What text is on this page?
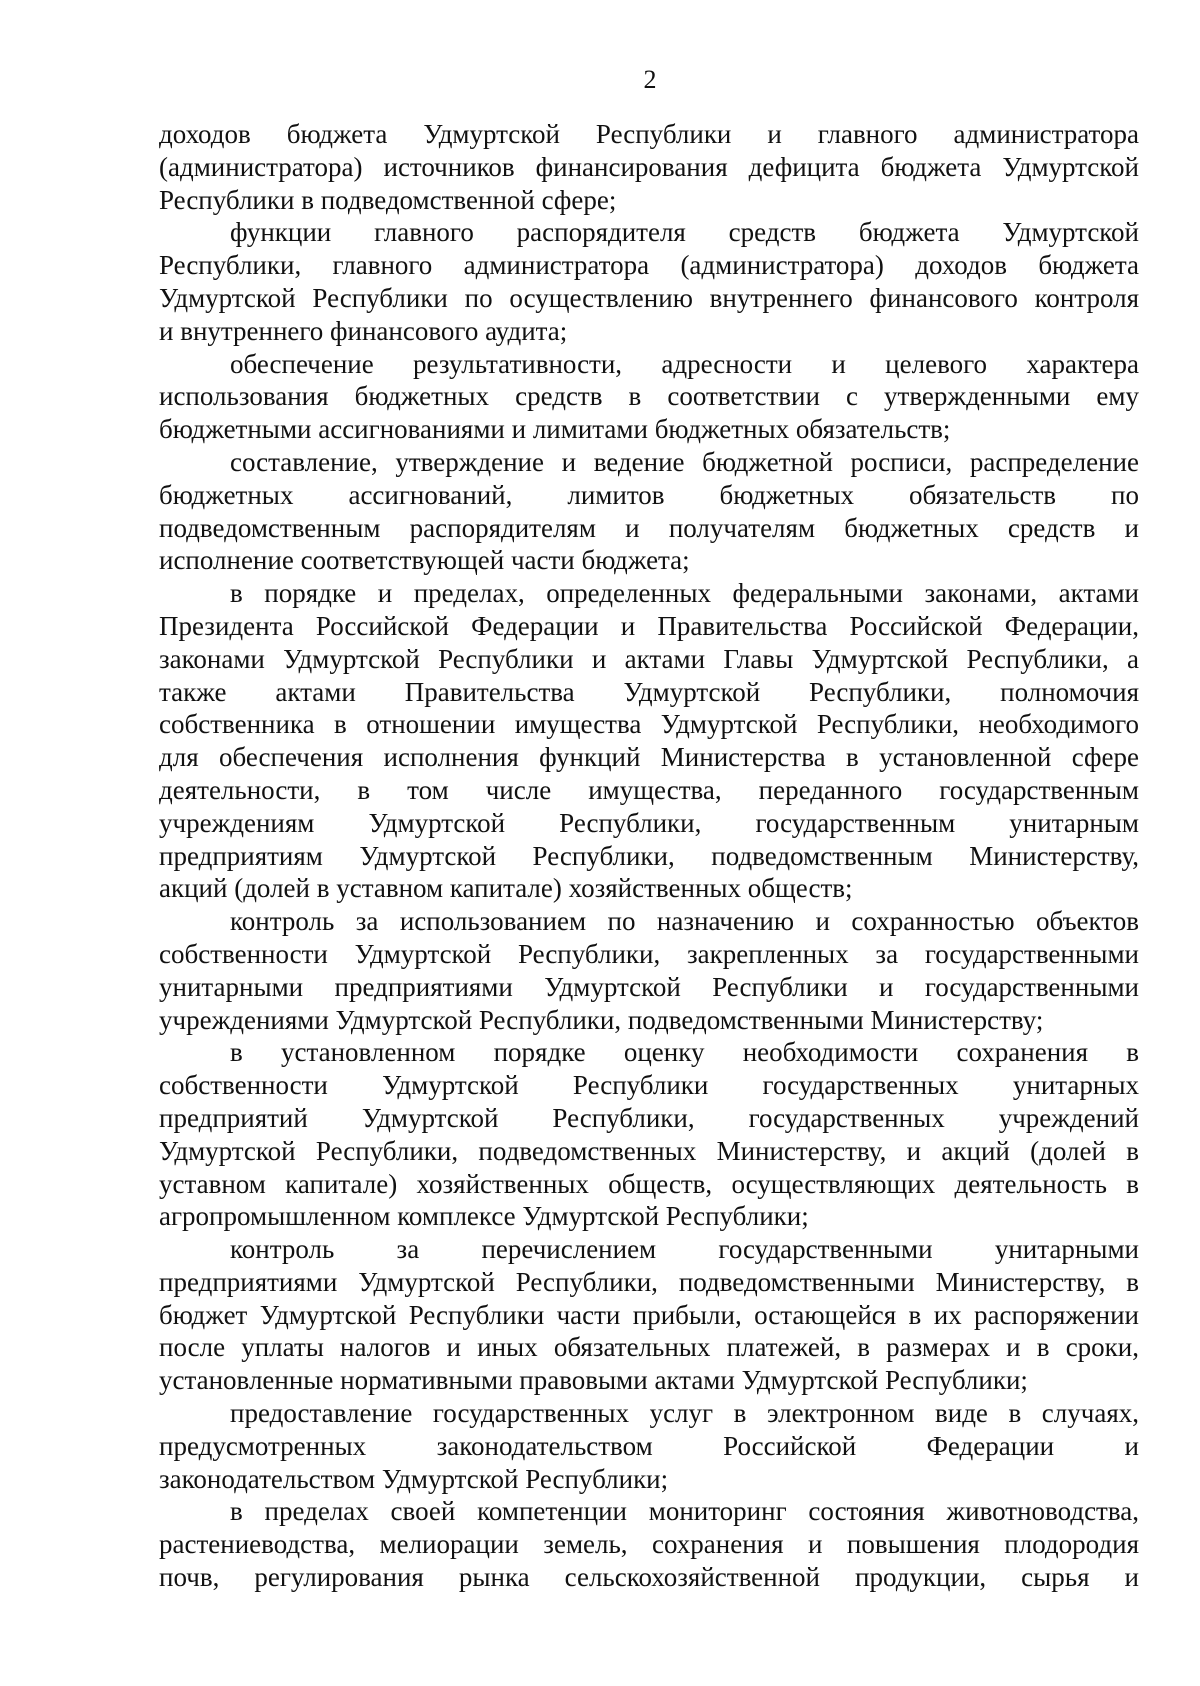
2
доходов бюджета Удмуртской Республики и главного администратора
(администратора) источников финансирования дефицита бюджета Удмуртской
Республики в подведомственной сфере;
функции главного распорядителя средств бюджета Удмуртской
Республики, главного администратора (администратора) доходов бюджета
Удмуртской Республики по осуществлению внутреннего финансового контроля
и внутреннего финансового аудита;
обеспечение результативности, адресности и целевого характера
использования бюджетных средств в соответствии с утвержденными ему
бюджетными ассигнованиями и лимитами бюджетных обязательств;
составление, утверждение и ведение бюджетной росписи, распределение
бюджетных ассигнований, лимитов бюджетных обязательств по
подведомственным распорядителям и получателям бюджетных средств и
исполнение соответствующей части бюджета;
в порядке и пределах, определенных федеральными законами, актами
Президента Российской Федерации и Правительства Российской Федерации,
законами Удмуртской Республики и актами Главы Удмуртской Республики, а
также актами Правительства Удмуртской Республики, полномочия
собственника в отношении имущества Удмуртской Республики, необходимого
для обеспечения исполнения функций Министерства в установленной сфере
деятельности, в том числе имущества, переданного государственным
учреждениям Удмуртской Республики, государственным унитарным
предприятиям Удмуртской Республики, подведомственным Министерству,
акций (долей в уставном капитале) хозяйственных обществ;
контроль за использованием по назначению и сохранностью объектов
собственности Удмуртской Республики, закрепленных за государственными
унитарными предприятиями Удмуртской Республики и государственными
учреждениями Удмуртской Республики, подведомственными Министерству;
в установленном порядке оценку необходимости сохранения в
собственности Удмуртской Республики государственных унитарных
предприятий Удмуртской Республики, государственных учреждений
Удмуртской Республики, подведомственных Министерству, и акций (долей в
уставном капитале) хозяйственных обществ, осуществляющих деятельность в
агропромышленном комплексе Удмуртской Республики;
контроль за перечислением государственными унитарными
предприятиями Удмуртской Республики, подведомственными Министерству, в
бюджет Удмуртской Республики части прибыли, остающейся в их распоряжении
после уплаты налогов и иных обязательных платежей, в размерах и в сроки,
установленные нормативными правовыми актами Удмуртской Республики;
предоставление государственных услуг в электронном виде в случаях,
предусмотренных законодательством Российской Федерации и
законодательством Удмуртской Республики;
в пределах своей компетенции мониторинг состояния животноводства,
растениеводства, мелиорации земель, сохранения и повышения плодородия
почв, регулирования рынка сельскохозяйственной продукции, сырья и
